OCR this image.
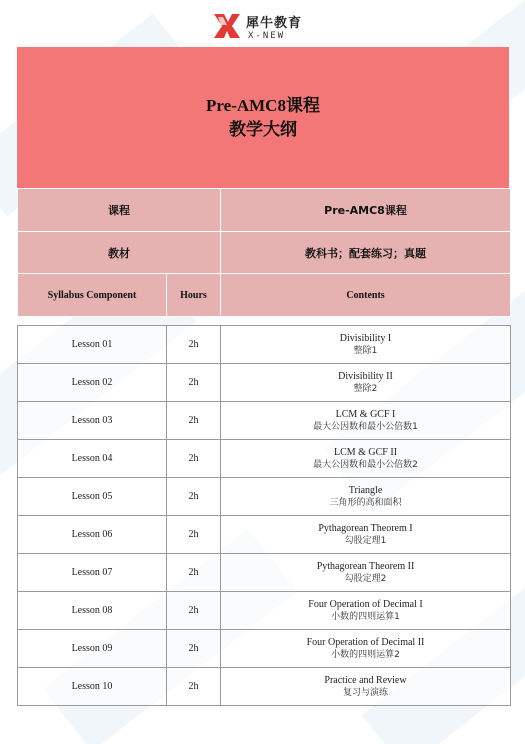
犀牛教育
X-NEW
Pre-AMC8课程
教学大纲
课程	Pre-AMC8课程
教材	教科书；配套练习；真题
Syllabus Component	Hours	Contents
Lesson 01	2h	Divisibility I
整除1

Lesson 02	2h	Divisibility II
整除2

Lesson 03	2h	LCM & GCF I
最大公因数和最小公倍数1

Lesson 04	2h	LCM & GCF II
最大公因数和最小公倍数2

Lesson 05	2h	Triangle
三角形的高和面积

Lesson 06	2h	Pythagorean Theorem I
勾股定理1

Lesson 07	2h	Pythagorean Theorem II
勾股定理2

Lesson 08	2h	Four Operation of Decimal I
小数的四则运算1

Lesson 09	2h	Four Operation of Decimal II
小数的四则运算2

Lesson 10	2h	Practice and Review
复习与演练
